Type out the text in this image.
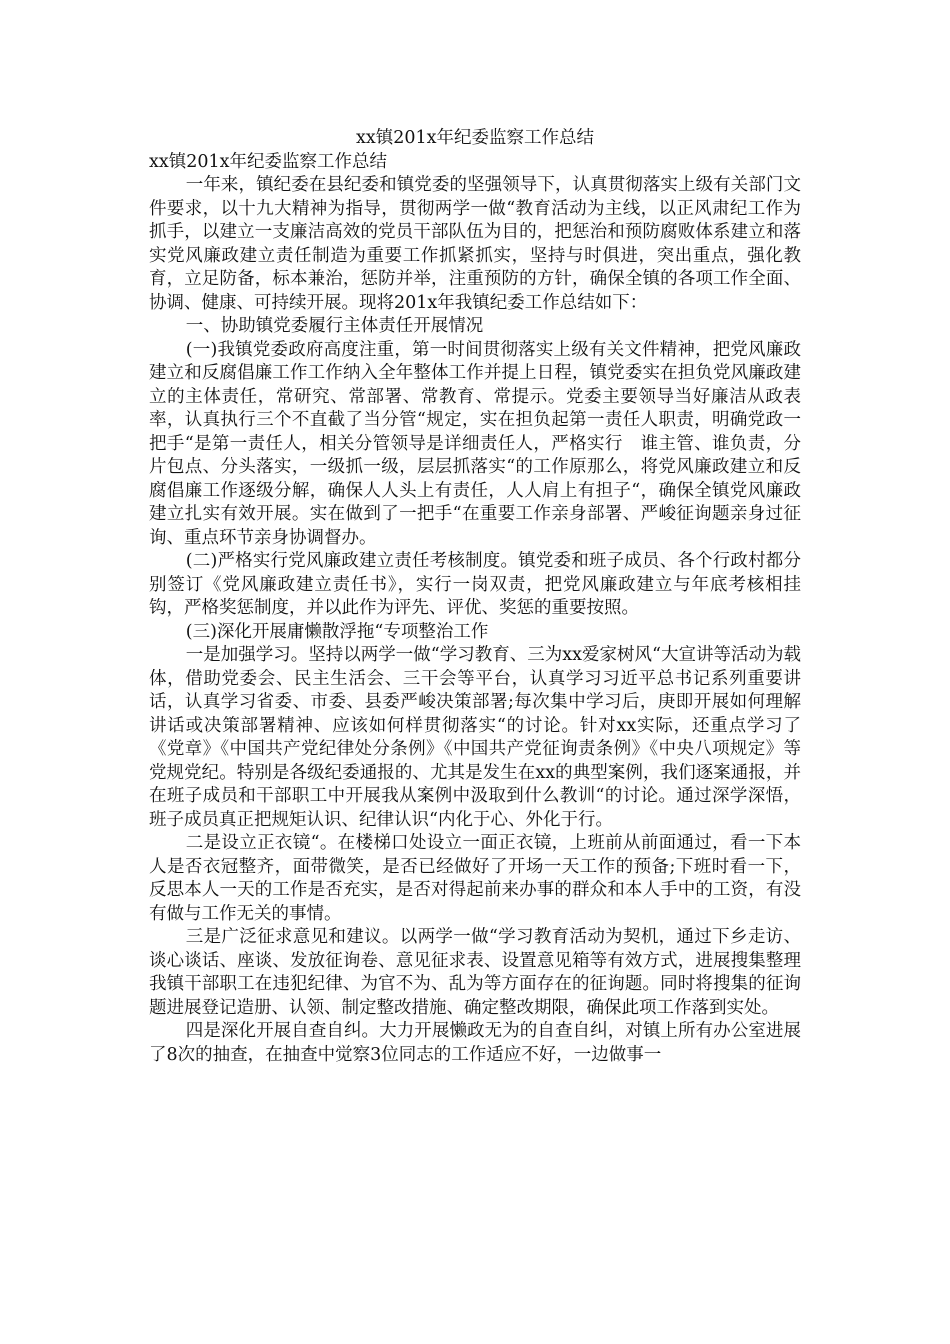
xx镇201x年纪委监察工作总结

xx镇201x年纪委监察工作总结

一年来，镇纪委在县纪委和镇党委的坚强领导下，认真贯彻落实上级有关部门文件要求，以十九大精神为指导，贯彻两学一做“教育活动为主线，以正风肃纪工作为抓手，以建立一支廉洁高效的党员干部队伍为目的，把惩治和预防腐败体系建立和落实党风廉政建立责任制造为重要工作抓紧抓实，坚持与时俱进，突出重点，强化教育，立足防备，标本兼治，惩防并举，注重预防的方针，确保全镇的各项工作全面、协调、健康、可持续开展。现将201x年我镇纪委工作总结如下：

一、协助镇党委履行主体责任开展情况

(一)我镇党委政府高度注重，第一时间贯彻落实上级有关文件精神，把党风廉政建立和反腐倡廉工作工作纳入全年整体工作并提上日程，镇党委实在担负党风廉政建立的主体责任，常研究、常部署、常教育、常提示。党委主要领导当好廉洁从政表率，认真执行三个不直截了当分管“规定，实在担负起第一责任人职责，明确党政一把手“是第一责任人，相关分管领导是详细责任人，严格实行　谁主管、谁负责，分片包点、分头落实，一级抓一级，层层抓落实“的工作原那么，将党风廉政建立和反腐倡廉工作逐级分解，确保人人头上有责任，人人肩上有担子“，确保全镇党风廉政建立扎实有效开展。实在做到了一把手“在重要工作亲身部署、严峻征询题亲身过征询、重点环节亲身协调督办。

(二)严格实行党风廉政建立责任考核制度。镇党委和班子成员、各个行政村都分别签订《党风廉政建立责任书》，实行一岗双责，把党风廉政建立与年底考核相挂钩，严格奖惩制度，并以此作为评先、评优、奖惩的重要按照。

(三)深化开展庸懒散浮拖“专项整治工作

一是加强学习。坚持以两学一做“学习教育、三为xx爱家树风“大宣讲等活动为载体，借助党委会、民主生活会、三干会等平台，认真学习习近平总书记系列重要讲话，认真学习省委、市委、县委严峻决策部署;每次集中学习后，庚即开展如何理解讲话或决策部署精神、应该如何样贯彻落实“的讨论。针对xx实际，还重点学习了《党章》《中国共产党纪律处分条例》《中国共产党征询责条例》《中央八项规定》等党规党纪。特别是各级纪委通报的、尤其是发生在xx的典型案例，我们逐案通报，并在班子成员和干部职工中开展我从案例中汲取到什么教训“的讨论。通过深学深悟，班子成员真正把规矩认识、纪律认识“内化于心、外化于行。

二是设立正衣镜“。在楼梯口处设立一面正衣镜，上班前从前面通过，看一下本人是否衣冠整齐，面带微笑，是否已经做好了开场一天工作的预备;下班时看一下，反思本人一天的工作是否充实，是否对得起前来办事的群众和本人手中的工资，有没有做与工作无关的事情。

三是广泛征求意见和建议。以两学一做“学习教育活动为契机，通过下乡走访、谈心谈话、座谈、发放征询卷、意见征求表、设置意见箱等有效方式，进展搜集整理我镇干部职工在违犯纪律、为官不为、乱为等方面存在的征询题。同时将搜集的征询题进展登记造册、认领、制定整改措施、确定整改期限，确保此项工作落到实处。

四是深化开展自查自纠。大力开展懒政无为的自查自纠，对镇上所有办公室进展了8次的抽查，在抽查中觉察3位同志的工作适应不好，一边做事一
